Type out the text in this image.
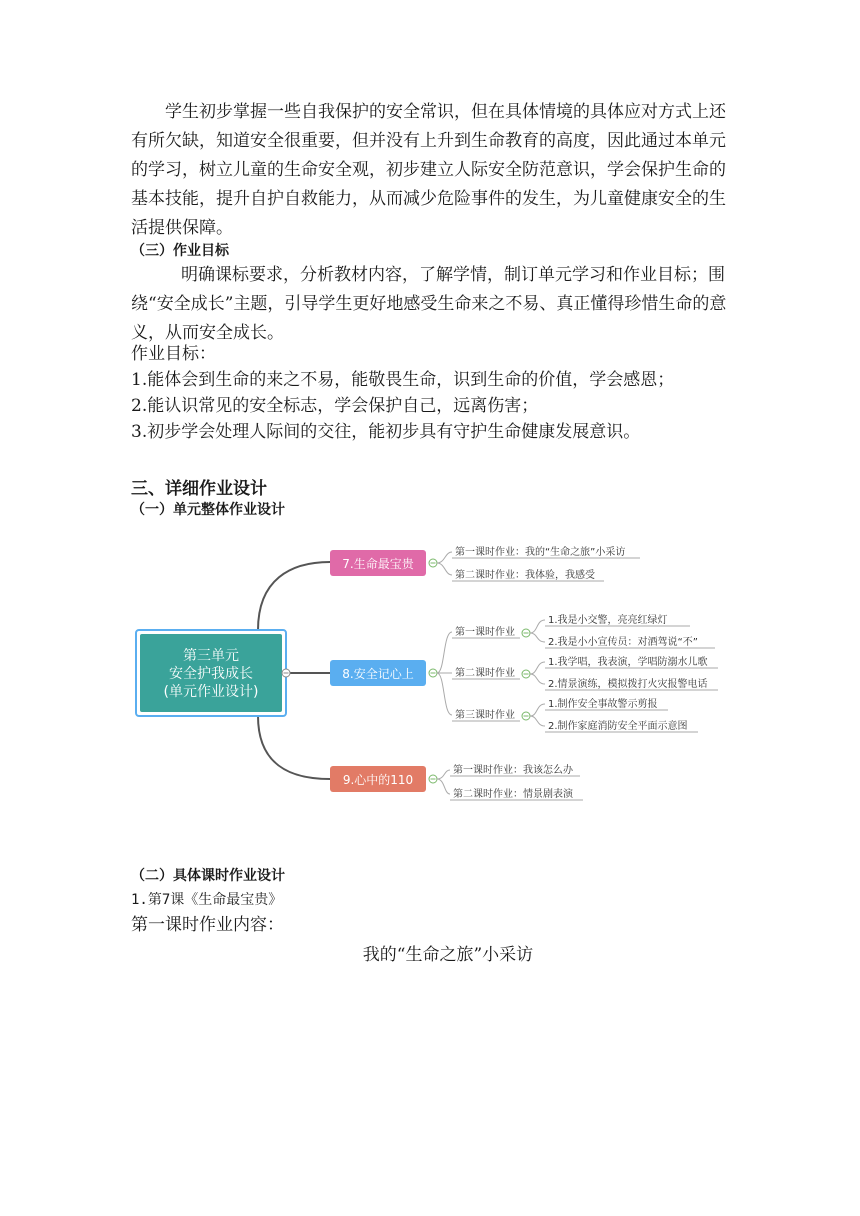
学生初步掌握一些自我保护的安全常识，但在具体情境的具体应对方式上还有所欠缺，知道安全很重要，但并没有上升到生命教育的高度，因此通过本单元的学习，树立儿童的生命安全观，初步建立人际安全防范意识，学会保护生命的基本技能，提升自护自救能力，从而减少危险事件的发生，为儿童健康安全的生活提供保障。

（三）作业目标

明确课标要求，分析教材内容，了解学情，制订单元学习和作业目标；围绕“安全成长”主题，引导学生更好地感受生命来之不易、真正懂得珍惜生命的意义，从而安全成长。

作业目标：

1.能体会到生命的来之不易，能敬畏生命，识到生命的价值，学会感恩；

2.能认识常见的安全标志，学会保护自己，远离伤害；

3.初步学会处理人际间的交往，能初步具有守护生命健康发展意识。

三、详细作业设计

（一）单元整体作业设计

第三单元
安全护我成长
(单元作业设计)
7.生命最宝贵
第一课时作业：我的“生命之旅”小采访
第二课时作业：我体验，我感受
8.安全记心上
第一课时作业
第二课时作业
第三课时作业
1.我是小交警，亮亮红绿灯
2.我是小小宣传员：对酒驾说“不”
1.我学唱，我表演，学唱防溺水儿歌
2.情景演练，模拟拨打火灾报警电话
1.制作安全事故警示剪报
2.制作家庭消防安全平面示意图
9.心中的110
第一课时作业：我该怎么办
第二课时作业：情景剧表演

（二）具体课时作业设计

1.第7课《生命最宝贵》

第一课时作业内容：

我的“生命之旅”小采访
